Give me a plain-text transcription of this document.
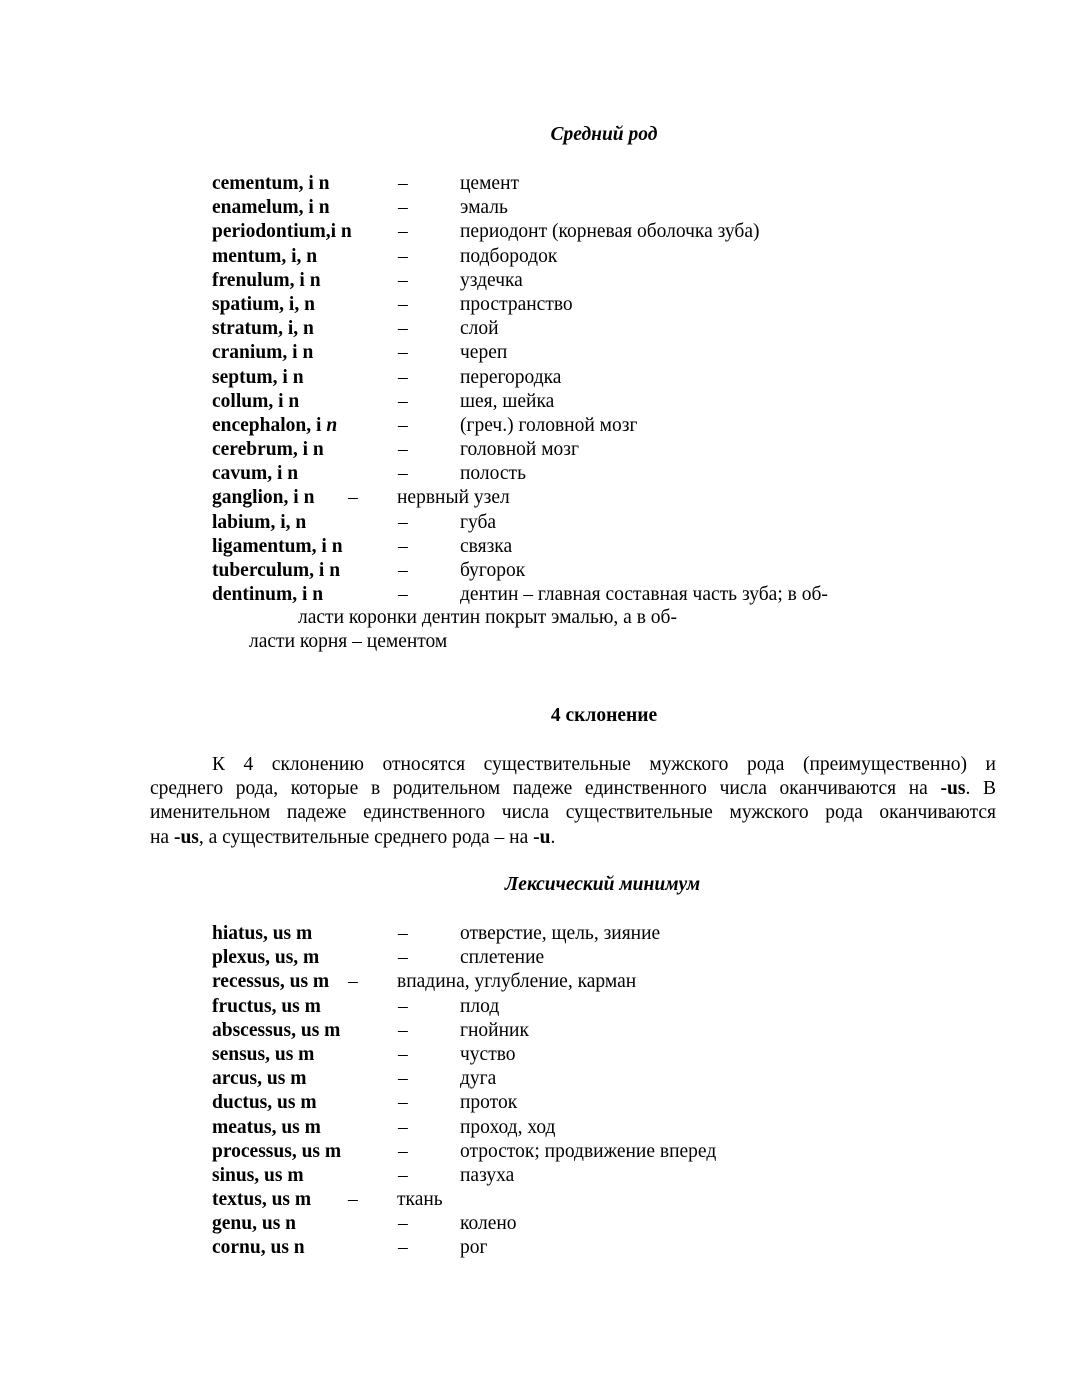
Средний род
cementum, i n	–	цемент
enamelum, i n	–	эмаль
periodontium,i n –	периодонт (корневая оболочка зуба)
mentum, i, n	–	подбородок
frenulum, i n	–	уздечка
spatium, i, n	–	пространство
stratum, i, n	–	слой
cranium, i n	–	череп
septum, i n	–	перегородка
collum, i n	–	шея, шейка
encephalon, i n	–	(греч.) головной мозг
cerebrum, i n	–	головной мозг
cavum, i n	–	полость
ganglion, i n – нервный узел
labium, i, n	–	губа
ligamentum, i n	–	связка
tuberculum, i n	–	бугорок
dentinum, i n	–	дентин – главная составная часть зуба; в об-
ласти коронки дентин покрыт эмалью, а в об-
ласти корня – цементом
4 склонение
К 4 склонению относятся существительные мужского рода (преимущественно) и
среднего рода, которые в родительном падеже единственного числа оканчиваются на -us. В
именительном падеже единственного числа существительные мужского рода оканчиваются
на -us, а существительные среднего рода – на -u.
Лексический минимум
hiatus, us m	–	отверстие, щель, зияние
plexus, us, m	–	сплетение
recessus, us m – впадина, углубление, карман
fructus, us m	–	плод
abscessus, us m	–	гнойник
sensus, us m	–	чуство
arcus, us m	–	дуга
ductus, us m	–	проток
meatus, us m	–	проход, ход
processus, us m	–	отросток; продвижение вперед
sinus, us m	–	пазуха
textus, us m – ткань
genu, us n	–	колено
cornu, us n	–	рог
